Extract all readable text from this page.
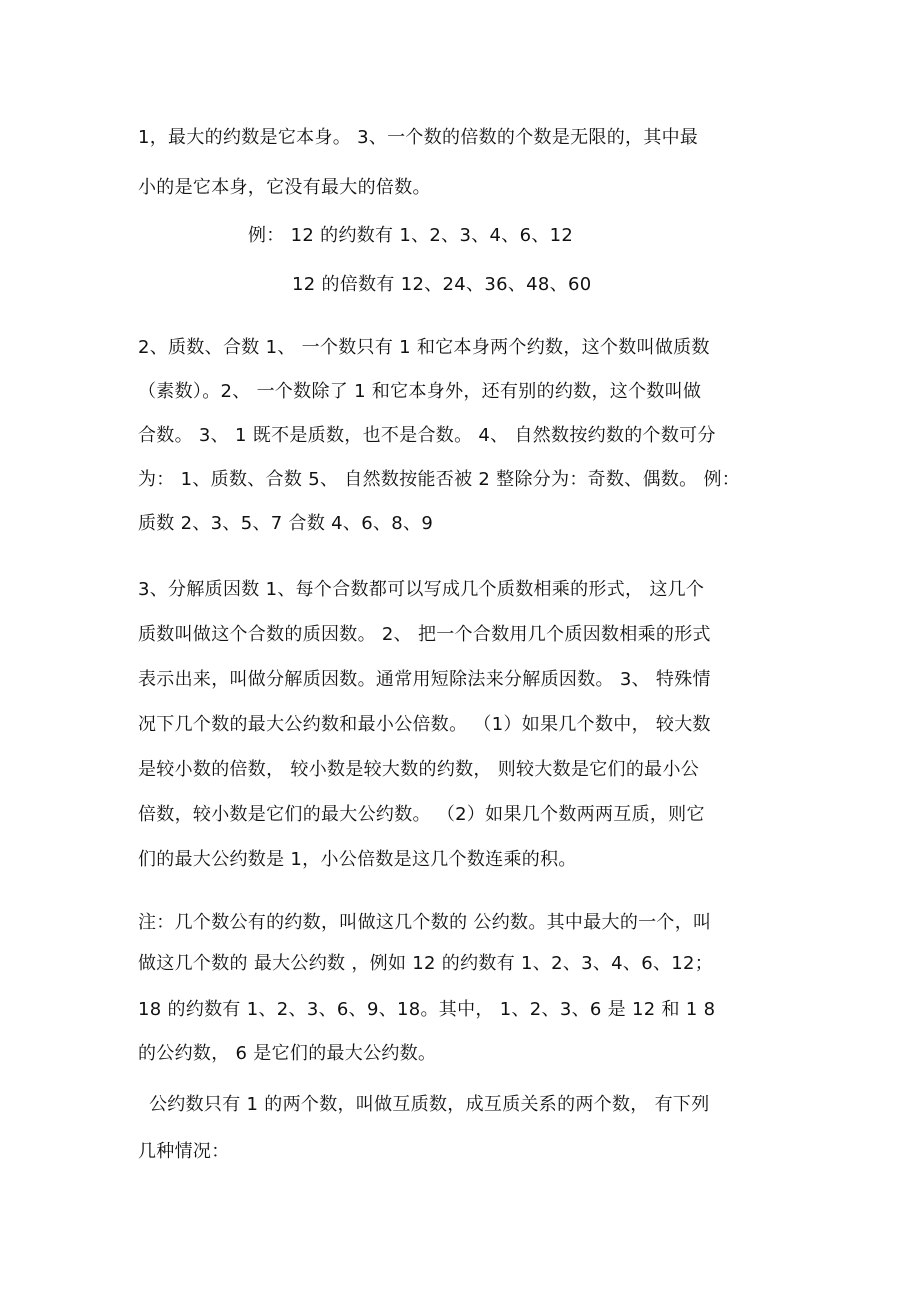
1，最大的约数是它本身。 3、一个数的倍数的个数是无限的，其中最
小的是它本身，它没有最大的倍数。
例： 12 的约数有 1、2、3、4、6、12
12 的倍数有 12、24、36、48、60
2、质数、合数 1、 一个数只有 1 和它本身两个约数，这个数叫做质数
（素数）。2、 一个数除了 1 和它本身外，还有别的约数，这个数叫做
合数。 3、 1 既不是质数，也不是合数。 4、 自然数按约数的个数可分
为： 1、质数、合数 5、 自然数按能否被 2 整除分为：奇数、偶数。 例：
质数 2、3、5、7 合数 4、6、8、9
3、分解质因数 1、每个合数都可以写成几个质数相乘的形式， 这几个
质数叫做这个合数的质因数。 2、 把一个合数用几个质因数相乘的形式
表示出来，叫做分解质因数。通常用短除法来分解质因数。 3、 特殊情
况下几个数的最大公约数和最小公倍数。 （1）如果几个数中， 较大数
是较小数的倍数， 较小数是较大数的约数， 则较大数是它们的最小公
倍数，较小数是它们的最大公约数。 （2）如果几个数两两互质，则它
们的最大公约数是 1，小公倍数是这几个数连乘的积。
注：几个数公有的约数，叫做这几个数的 公约数。其中最大的一个，叫
做这几个数的 最大公约数 ，例如 12 的约数有 1、2、3、4、6、12；
18 的约数有 1、2、3、6、9、18。其中， 1、2、3、6 是 12 和 1 8
的公约数， 6 是它们的最大公约数。
公约数只有 1 的两个数，叫做互质数，成互质关系的两个数， 有下列
几种情况：
